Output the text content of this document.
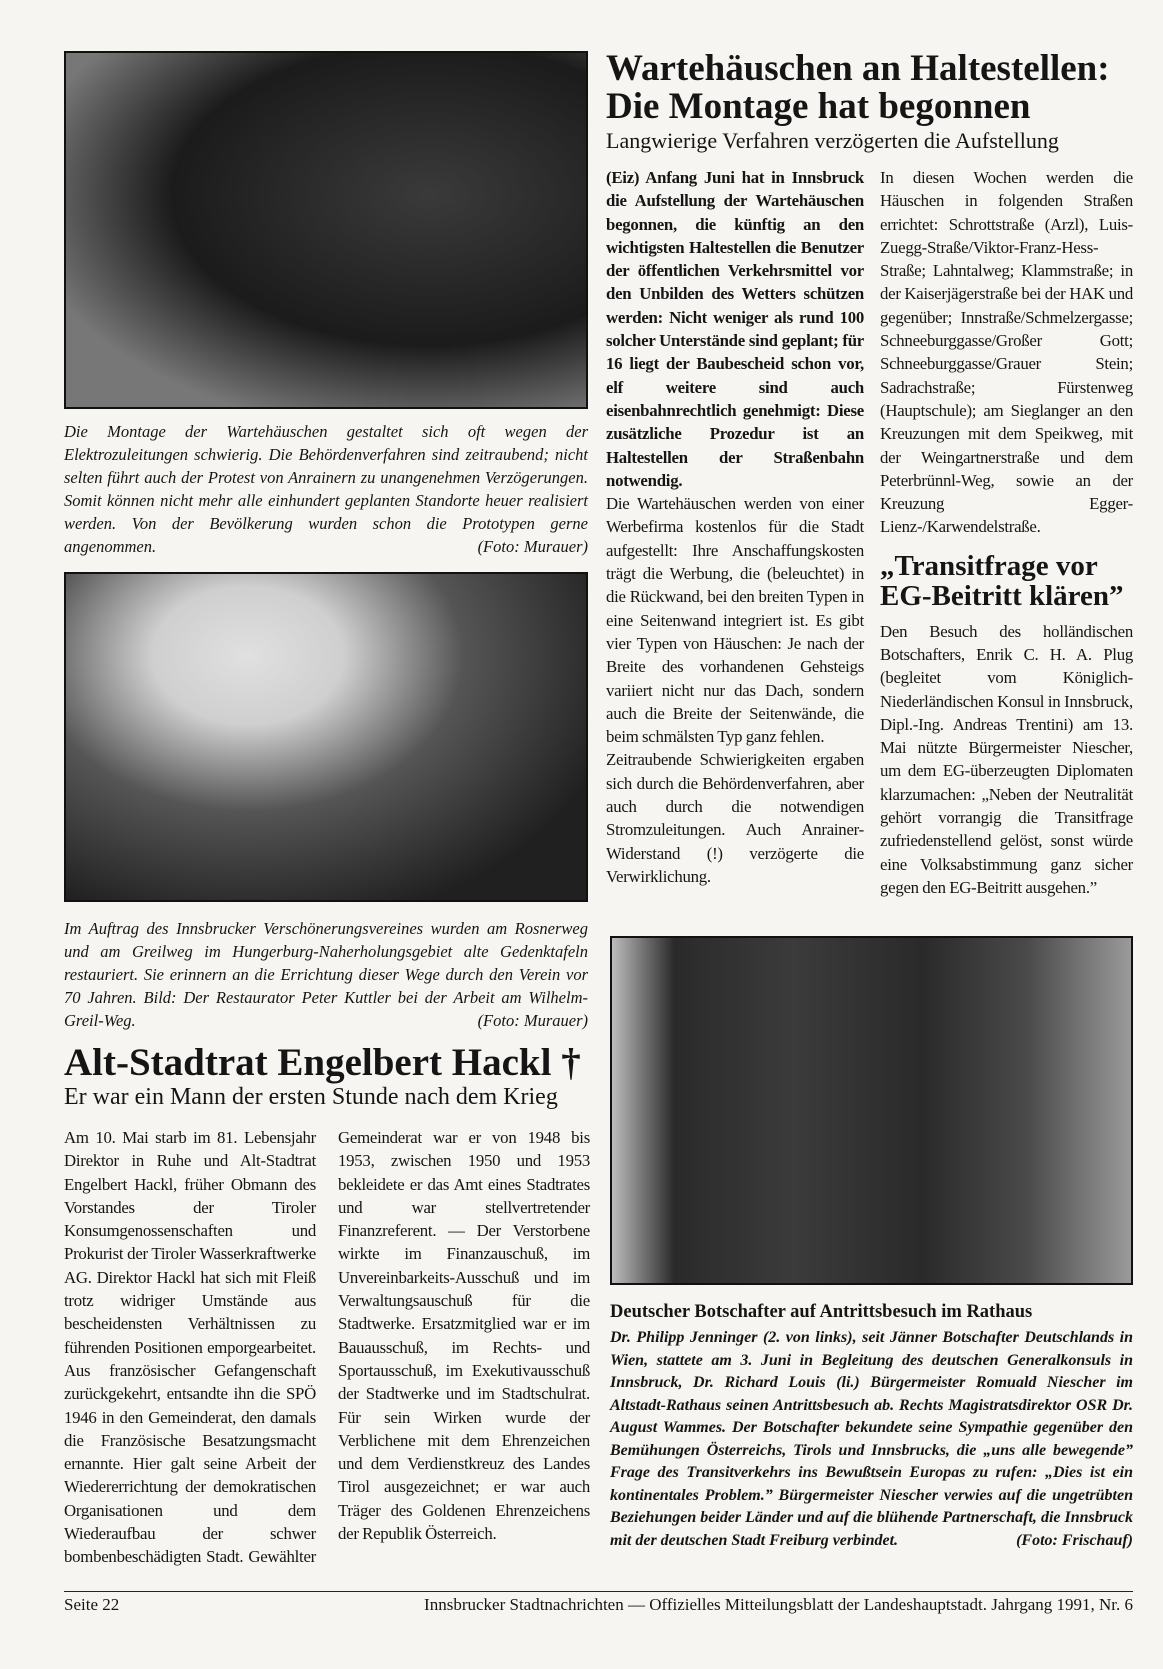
Die Montage der Wartehäuschen gestaltet sich oft wegen der Elektrozuleitungen schwierig. Die Behördenverfahren sind zeitraubend; nicht selten führt auch der Protest von Anrainern zu unangenehmen Verzögerungen. Somit können nicht mehr alle einhundert geplanten Standorte heuer realisiert werden. Von der Bevölkerung wurden schon die Prototypen gerne angenommen.	(Foto: Murauer)
Im Auftrag des Innsbrucker Verschönerungsvereines wurden am Rosnerweg und am Greilweg im Hungerburg-Naherholungsgebiet alte Gedenktafeln restauriert. Sie erinnern an die Errichtung dieser Wege durch den Verein vor 70 Jahren. Bild: Der Restaurator Peter Kuttler bei der Arbeit am Wilhelm-Greil-Weg.	(Foto: Murauer)
Alt-Stadtrat Engelbert Hackl †
Er war ein Mann der ersten Stunde nach dem Krieg
Am 10. Mai starb im 81. Lebensjahr Direktor in Ruhe und Alt-Stadtrat Engelbert Hackl, früher Obmann des Vorstandes der Tiroler Konsumgenossenschaften und Prokurist der Tiroler Wasserkraftwerke AG. Direktor Hackl hat sich mit Fleiß trotz widriger Umstände aus bescheidensten Verhältnissen zu führenden Positionen emporgearbeitet. Aus französischer Gefangenschaft zurückgekehrt, entsandte ihn die SPÖ 1946 in den Gemeinderat, den damals die Französische Besatzungsmacht ernannte. Hier galt seine Arbeit der Wiedererrichtung der demokratischen Organisationen und dem Wiederaufbau der schwer bombenbeschädigten Stadt. Gewählter Gemeinderat war er von 1948 bis 1953, zwischen 1950 und 1953 bekleidete er das Amt eines Stadtrates und war stellvertretender Finanzreferent. — Der Verstorbene wirkte im Finanzauschuß, im Unvereinbarkeits-Ausschuß und im Verwaltungsauschuß für die Stadtwerke. Ersatzmitglied war er im Bauausschuß, im Rechts- und Sportausschuß, im Exekutivausschuß der Stadtwerke und im Stadtschulrat. Für sein Wirken wurde der Verblichene mit dem Ehrenzeichen und dem Verdienstkreuz des Landes Tirol ausgezeichnet; er war auch Träger des Goldenen Ehrenzeichens der Republik Österreich.
Wartehäuschen an Haltestellen:
Die Montage hat begonnen
Langwierige Verfahren verzögerten die Aufstellung

(Eiz) Anfang Juni hat in Innsbruck die Aufstellung der Wartehäuschen begonnen, die künftig an den wichtigsten Haltestellen die Benutzer der öffentlichen Verkehrsmittel vor den Unbilden des Wetters schützen werden: Nicht weniger als rund 100 solcher Unterstände sind geplant; für 16 liegt der Baubescheid schon vor, elf weitere sind auch eisenbahnrechtlich genehmigt: Diese zusätzliche Prozedur ist an Haltestellen der Straßenbahn notwendig.

Die Wartehäuschen werden von einer Werbefirma kostenlos für die Stadt aufgestellt: Ihre Anschaffungskosten trägt die Werbung, die (beleuchtet) in die Rückwand, bei den breiten Typen in eine Seitenwand integriert ist. Es gibt vier Typen von Häuschen: Je nach der Breite des vorhandenen Gehsteigs variiert nicht nur das Dach, sondern auch die Breite der Seitenwände, die beim schmälsten Typ ganz fehlen.

Zeitraubende Schwierigkeiten ergaben sich durch die Behördenverfahren, aber auch durch die notwendigen Stromzuleitungen. Auch Anrainer-Widerstand (!) verzögerte die Verwirklichung.

In diesen Wochen werden die Häuschen in folgenden Straßen errichtet: Schrottstraße (Arzl), Luis-Zuegg-Straße/Viktor-Franz-Hess-Straße; Lahntalweg; Klammstraße; in der Kaiserjägerstraße bei der HAK und gegenüber; Innstraße/Schmelzergasse; Schneeburggasse/Großer Gott; Schneeburggasse/Grauer Stein; Sadrachstraße; Fürstenweg (Hauptschule); am Sieglanger an den Kreuzungen mit dem Speikweg, mit der Weingartnerstraße und dem Peterbrünnl-Weg, sowie an der Kreuzung Egger-Lienz-/Karwendelstraße.

„Transitfrage vor
EG-Beitritt klären”

Den Besuch des holländischen Botschafters, Enrik C. H. A. Plug (begleitet vom Königlich-Niederländischen Konsul in Innsbruck, Dipl.-Ing. Andreas Trentini) am 13. Mai nützte Bürgermeister Niescher, um dem EG-überzeugten Diplomaten klarzumachen: „Neben der Neutralität gehört vorrangig die Transitfrage zufriedenstellend gelöst, sonst würde eine Volksabstimmung ganz sicher gegen den EG-Beitritt ausgehen.”

Deutscher Botschafter auf Antrittsbesuch im Rathaus
Dr. Philipp Jenninger (2. von links), seit Jänner Botschafter Deutschlands in Wien, stattete am 3. Juni in Begleitung des deutschen Generalkonsuls in Innsbruck, Dr. Richard Louis (li.) Bürgermeister Romuald Niescher im Altstadt-Rathaus seinen Antrittsbesuch ab. Rechts Magistratsdirektor OSR Dr. August Wammes. Der Botschafter bekundete seine Sympathie gegenüber den Bemühungen Österreichs, Tirols und Innsbrucks, die „uns alle bewegende” Frage des Transitverkehrs ins Bewußtsein Europas zu rufen: „Dies ist ein kontinentales Problem.” Bürgermeister Niescher verwies auf die ungetrübten Beziehungen beider Länder und auf die blühende Partnerschaft, die Innsbruck mit der deutschen Stadt Freiburg verbindet.	(Foto: Frischauf)
Seite 22	Innsbrucker Stadtnachrichten — Offizielles Mitteilungsblatt der Landeshauptstadt. Jahrgang 1991, Nr. 6
